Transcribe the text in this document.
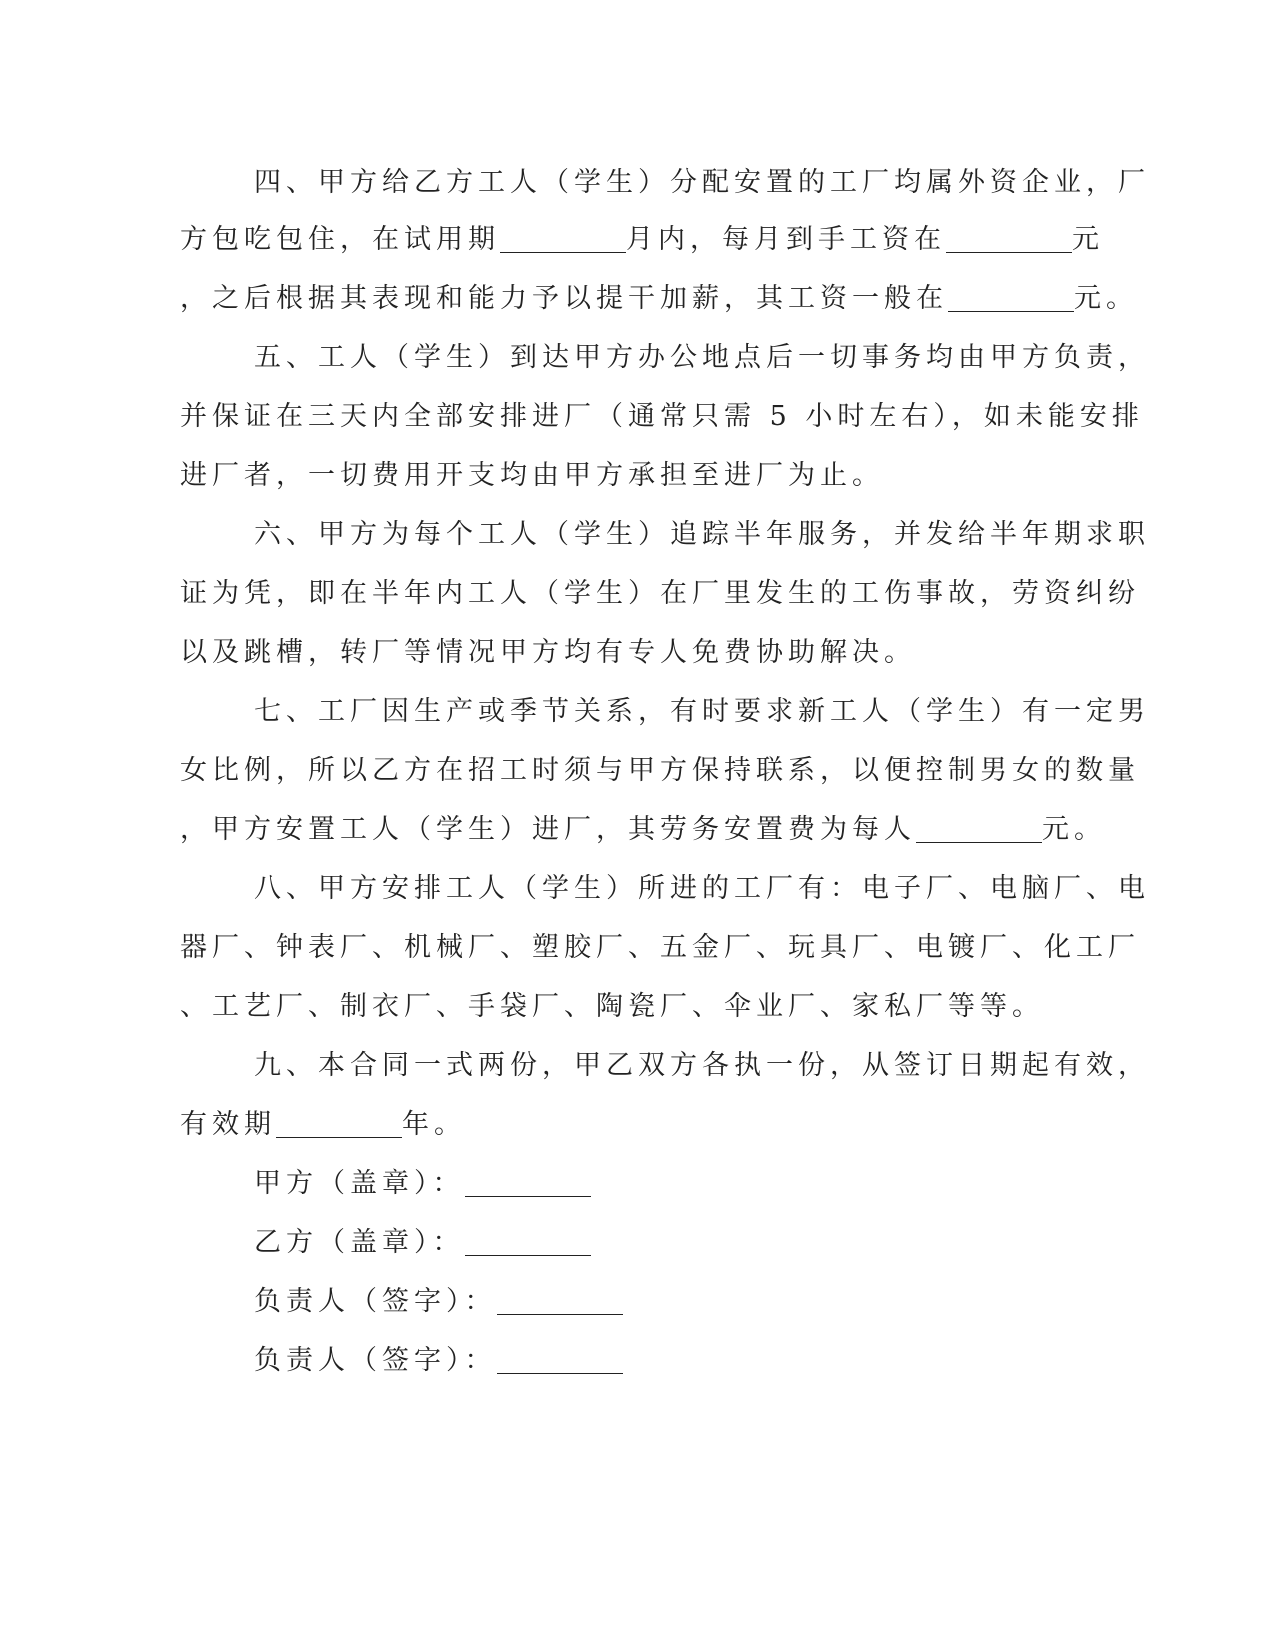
四、甲方给乙方工人（学生）分配安置的工厂均属外资企业，厂
方包吃包住，在试用期	月内，每月到手工资在	元
，之后根据其表现和能力予以提干加薪，其工资一般在	元。
五、工人（学生）到达甲方办公地点后一切事务均由甲方负责，
并保证在三天内全部安排进厂（通常只需 5 小时左右），如未能安排
进厂者，一切费用开支均由甲方承担至进厂为止。
六、甲方为每个工人（学生）追踪半年服务，并发给半年期求职
证为凭，即在半年内工人（学生）在厂里发生的工伤事故，劳资纠纷
以及跳槽，转厂等情况甲方均有专人免费协助解决。
七、工厂因生产或季节关系，有时要求新工人（学生）有一定男
女比例，所以乙方在招工时须与甲方保持联系，以便控制男女的数量
，甲方安置工人（学生）进厂，其劳务安置费为每人	元。
八、甲方安排工人（学生）所进的工厂有：电子厂、电脑厂、电
器厂、钟表厂、机械厂、塑胶厂、五金厂、玩具厂、电镀厂、化工厂
、工艺厂、制衣厂、手袋厂、陶瓷厂、伞业厂、家私厂等等。
九、本合同一式两份，甲乙双方各执一份，从签订日期起有效，
有效期	年。
甲方（盖章）：
乙方（盖章）：
负责人（签字）：
负责人（签字）：
